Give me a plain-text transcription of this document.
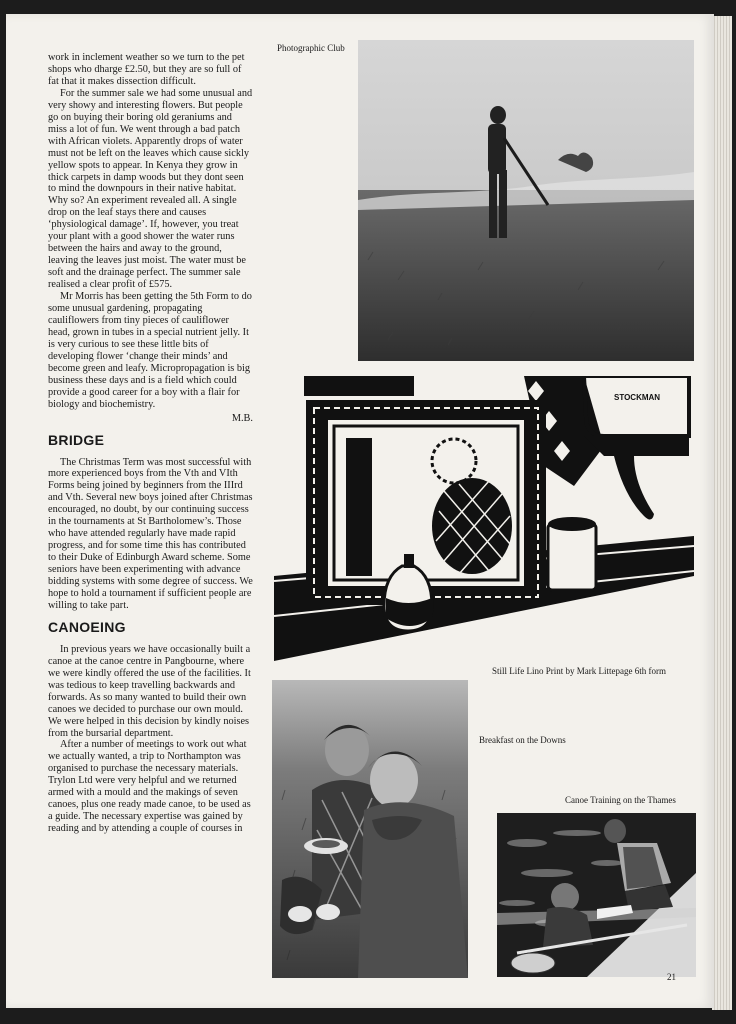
work in inclement weather so we turn to the pet shops who dharge £2.50, but they are so full of fat that it makes dissection difficult.

For the summer sale we had some unusual and very showy and interesting flowers. But people go on buying their boring old geraniums and miss a lot of fun. We went through a bad patch with African violets. Apparently drops of water must not be left on the leaves which cause sickly yellow spots to appear. In Kenya they grow in thick carpets in damp woods but they dont seen to mind the downpours in their native habitat. Why so? An experiment revealed all. A single drop on the leaf stays there and causes ‘physiological damage’. If, however, you treat your plant with a good shower the water runs between the hairs and away to the ground, leaving the leaves just moist. The water must be soft and the drainage perfect. The summer sale realised a clear profit of £575.

Mr Morris has been getting the 5th Form to do some unusual gardening, propagating cauliflowers from tiny pieces of cauliflower head, grown in tubes in a special nutrient jelly. It is very curious to see these little bits of developing flower ‘change their minds’ and become green and leafy. Micropropagation is big business these days and is a field which could provide a good career for a boy with a flair for biology and biochemistry.

M.B.

BRIDGE

The Christmas Term was most successful with more experienced boys from the Vth and VIth Forms being joined by beginners from the IIIrd and Vth. Several new boys joined after Christmas encouraged, no doubt, by our continuing success in the tournaments at St Bartholomew’s. Those who have attended regularly have made rapid progress, and for some time this has contributed to their Duke of Edinburgh Award scheme. Some seniors have been experimenting with advance bidding systems with some degree of success. We hope to hold a tournament if sufficient people are willing to take part.

CANOEING

In previous years we have occasionally built a canoe at the canoe centre in Pangbourne, where we were kindly offered the use of the facilities. It was tedious to keep travelling backwards and forwards. As so many wanted to build their own canoes we decided to purchase our own mould. We were helped in this decision by kindly noises from the bursarial department.

After a number of meetings to work out what we actually wanted, a trip to Northampton was organised to purchase the necessary materials. Trylon Ltd were very helpful and we returned armed with a mould and the makings of seven canoes, plus one ready made canoe, to be used as a guide. The necessary expertise was gained by reading and by attending a couple of courses in

Photographic Club
STOCKMAN
Still Life Lino Print by Mark Littepage 6th form
Breakfast on the Downs
Canoe Training on the Thames
21
